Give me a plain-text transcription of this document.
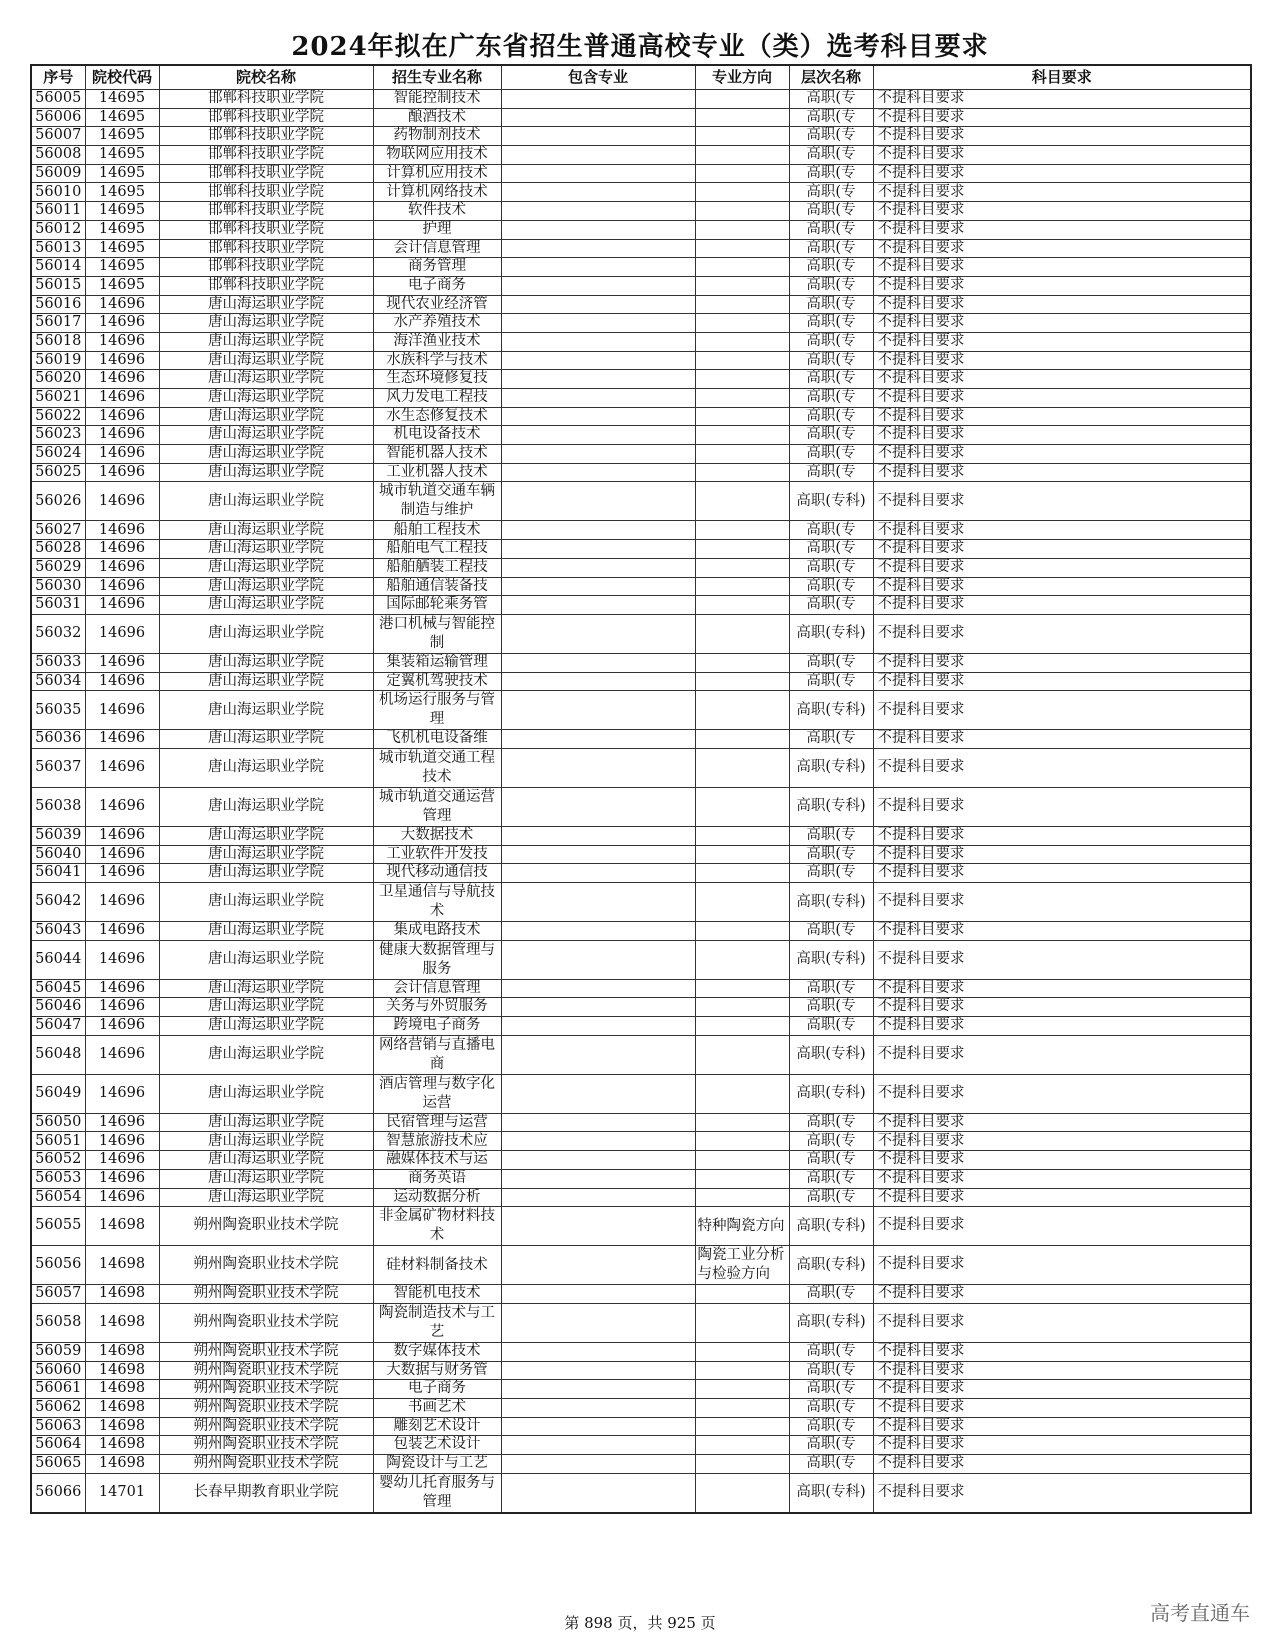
2024年拟在广东省招生普通高校专业（类）选考科目要求
序号	院校代码	院校名称	招生专业名称	包含专业	专业方向	层次名称	科目要求
56005	14695	邯郸科技职业学院	智能控制技术			高职(专	不提科目要求
56006	14695	邯郸科技职业学院	酿酒技术			高职(专	不提科目要求
56007	14695	邯郸科技职业学院	药物制剂技术			高职(专	不提科目要求
56008	14695	邯郸科技职业学院	物联网应用技术			高职(专	不提科目要求
56009	14695	邯郸科技职业学院	计算机应用技术			高职(专	不提科目要求
56010	14695	邯郸科技职业学院	计算机网络技术			高职(专	不提科目要求
56011	14695	邯郸科技职业学院	软件技术			高职(专	不提科目要求
56012	14695	邯郸科技职业学院	护理			高职(专	不提科目要求
56013	14695	邯郸科技职业学院	会计信息管理			高职(专	不提科目要求
56014	14695	邯郸科技职业学院	商务管理			高职(专	不提科目要求
56015	14695	邯郸科技职业学院	电子商务			高职(专	不提科目要求
56016	14696	唐山海运职业学院	现代农业经济管			高职(专	不提科目要求
56017	14696	唐山海运职业学院	水产养殖技术			高职(专	不提科目要求
56018	14696	唐山海运职业学院	海洋渔业技术			高职(专	不提科目要求
56019	14696	唐山海运职业学院	水族科学与技术			高职(专	不提科目要求
56020	14696	唐山海运职业学院	生态环境修复技			高职(专	不提科目要求
56021	14696	唐山海运职业学院	风力发电工程技			高职(专	不提科目要求
56022	14696	唐山海运职业学院	水生态修复技术			高职(专	不提科目要求
56023	14696	唐山海运职业学院	机电设备技术			高职(专	不提科目要求
56024	14696	唐山海运职业学院	智能机器人技术			高职(专	不提科目要求
56025	14696	唐山海运职业学院	工业机器人技术			高职(专	不提科目要求
56026	14696	唐山海运职业学院	城市轨道交通车辆制造与维护			高职(专科)	不提科目要求
56027	14696	唐山海运职业学院	船舶工程技术			高职(专	不提科目要求
56028	14696	唐山海运职业学院	船舶电气工程技			高职(专	不提科目要求
56029	14696	唐山海运职业学院	船舶舾装工程技			高职(专	不提科目要求
56030	14696	唐山海运职业学院	船舶通信装备技			高职(专	不提科目要求
56031	14696	唐山海运职业学院	国际邮轮乘务管			高职(专	不提科目要求
56032	14696	唐山海运职业学院	港口机械与智能控制			高职(专科)	不提科目要求
56033	14696	唐山海运职业学院	集装箱运输管理			高职(专	不提科目要求
56034	14696	唐山海运职业学院	定翼机驾驶技术			高职(专	不提科目要求
56035	14696	唐山海运职业学院	机场运行服务与管理			高职(专科)	不提科目要求
56036	14696	唐山海运职业学院	飞机机电设备维			高职(专	不提科目要求
56037	14696	唐山海运职业学院	城市轨道交通工程技术			高职(专科)	不提科目要求
56038	14696	唐山海运职业学院	城市轨道交通运营管理			高职(专科)	不提科目要求
56039	14696	唐山海运职业学院	大数据技术			高职(专	不提科目要求
56040	14696	唐山海运职业学院	工业软件开发技			高职(专	不提科目要求
56041	14696	唐山海运职业学院	现代移动通信技			高职(专	不提科目要求
56042	14696	唐山海运职业学院	卫星通信与导航技术			高职(专科)	不提科目要求
56043	14696	唐山海运职业学院	集成电路技术			高职(专	不提科目要求
56044	14696	唐山海运职业学院	健康大数据管理与服务			高职(专科)	不提科目要求
56045	14696	唐山海运职业学院	会计信息管理			高职(专	不提科目要求
56046	14696	唐山海运职业学院	关务与外贸服务			高职(专	不提科目要求
56047	14696	唐山海运职业学院	跨境电子商务			高职(专	不提科目要求
56048	14696	唐山海运职业学院	网络营销与直播电商			高职(专科)	不提科目要求
56049	14696	唐山海运职业学院	酒店管理与数字化运营			高职(专科)	不提科目要求
56050	14696	唐山海运职业学院	民宿管理与运营			高职(专	不提科目要求
56051	14696	唐山海运职业学院	智慧旅游技术应			高职(专	不提科目要求
56052	14696	唐山海运职业学院	融媒体技术与运			高职(专	不提科目要求
56053	14696	唐山海运职业学院	商务英语			高职(专	不提科目要求
56054	14696	唐山海运职业学院	运动数据分析			高职(专	不提科目要求
56055	14698	朔州陶瓷职业技术学院	非金属矿物材料技术		特种陶瓷方向	高职(专科)	不提科目要求
56056	14698	朔州陶瓷职业技术学院	硅材料制备技术		陶瓷工业分析与检验方向	高职(专科)	不提科目要求
56057	14698	朔州陶瓷职业技术学院	智能机电技术			高职(专	不提科目要求
56058	14698	朔州陶瓷职业技术学院	陶瓷制造技术与工艺			高职(专科)	不提科目要求
56059	14698	朔州陶瓷职业技术学院	数字媒体技术			高职(专	不提科目要求
56060	14698	朔州陶瓷职业技术学院	大数据与财务管			高职(专	不提科目要求
56061	14698	朔州陶瓷职业技术学院	电子商务			高职(专	不提科目要求
56062	14698	朔州陶瓷职业技术学院	书画艺术			高职(专	不提科目要求
56063	14698	朔州陶瓷职业技术学院	雕刻艺术设计			高职(专	不提科目要求
56064	14698	朔州陶瓷职业技术学院	包装艺术设计			高职(专	不提科目要求
56065	14698	朔州陶瓷职业技术学院	陶瓷设计与工艺			高职(专	不提科目要求
56066	14701	长春早期教育职业学院	婴幼儿托育服务与管理			高职(专科)	不提科目要求
第 898 页，共 925 页	高考直通车
